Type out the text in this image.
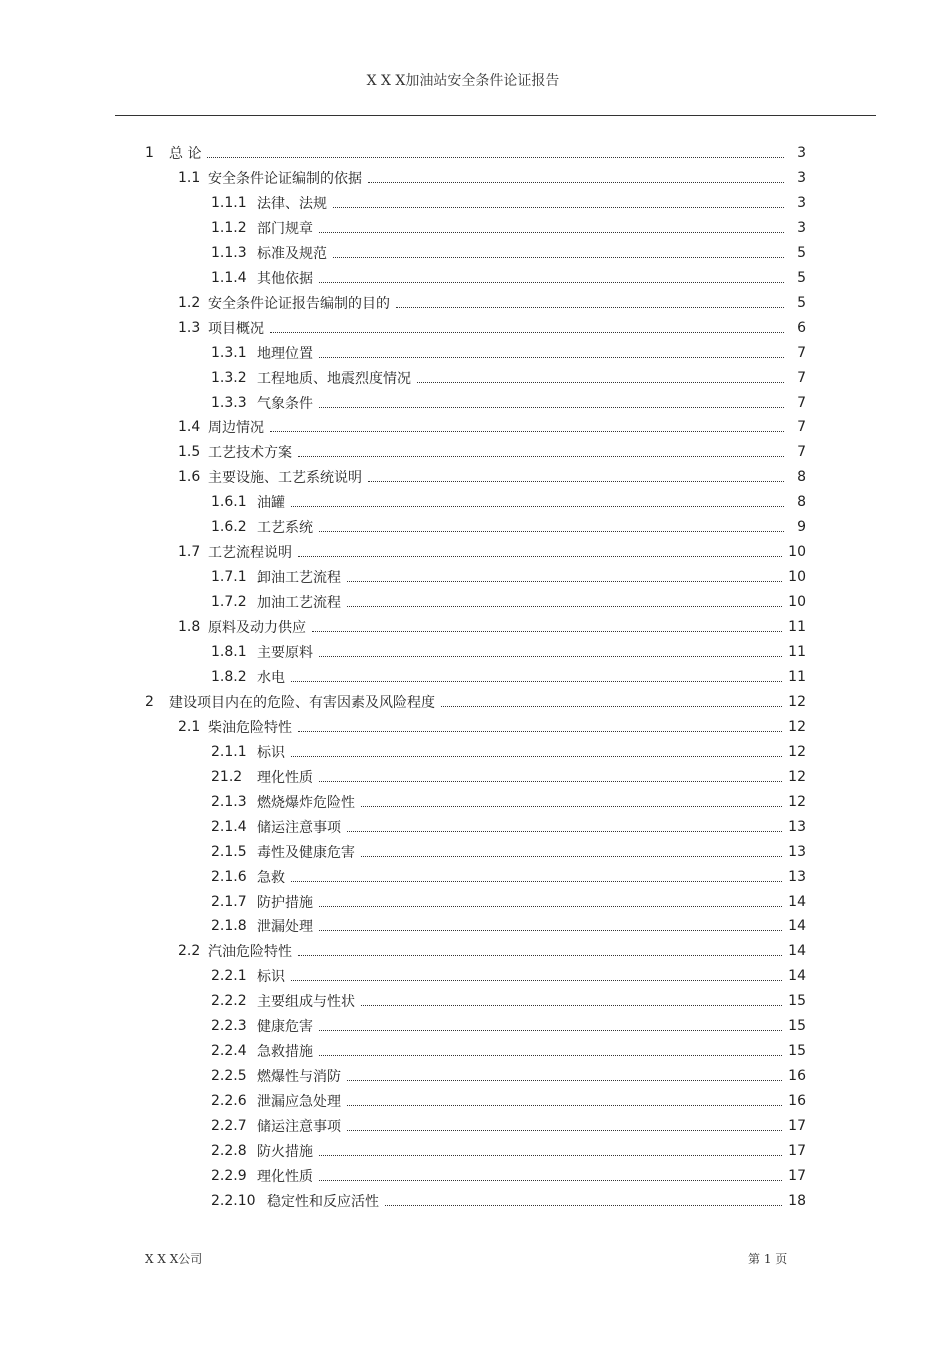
X X X加油站安全条件论证报告
1	总 论	3
1.1 安全条件论证编制的依据	3
1.1.1 法律、法规	3
1.1.2 部门规章	3
1.1.3 标准及规范	5
1.1.4 其他依据	5
1.2 安全条件论证报告编制的目的	5
1.3 项目概况	6
1.3.1 地理位置	7
1.3.2 工程地质、地震烈度情况	7
1.3.3 气象条件	7
1.4 周边情况	7
1.5 工艺技术方案	7
1.6 主要设施、工艺系统说明	8
1.6.1 油罐	8
1.6.2 工艺系统	9
1.7 工艺流程说明	10
1.7.1 卸油工艺流程	10
1.7.2 加油工艺流程	10
1.8 原料及动力供应	11
1.8.1 主要原料	11
1.8.2 水电	11
2	建设项目内在的危险、有害因素及风险程度	12
2.1 柴油危险特性	12
2.1.1 标识	12
21.2	理化性质	12
2.1.3 燃烧爆炸危险性	12
2.1.4 储运注意事项	13
2.1.5 毒性及健康危害	13
2.1.6 急救	13
2.1.7 防护措施	14
2.1.8 泄漏处理	14
2.2 汽油危险特性	14
2.2.1 标识	14
2.2.2 主要组成与性状	15
2.2.3 健康危害	15
2.2.4 急救措施	15
2.2.5 燃爆性与消防	16
2.2.6 泄漏应急处理	16
2.2.7 储运注意事项	17
2.2.8 防火措施	17
2.2.9 理化性质	17
2.2.10 稳定性和反应活性	18
X X X公司	第 1 页
